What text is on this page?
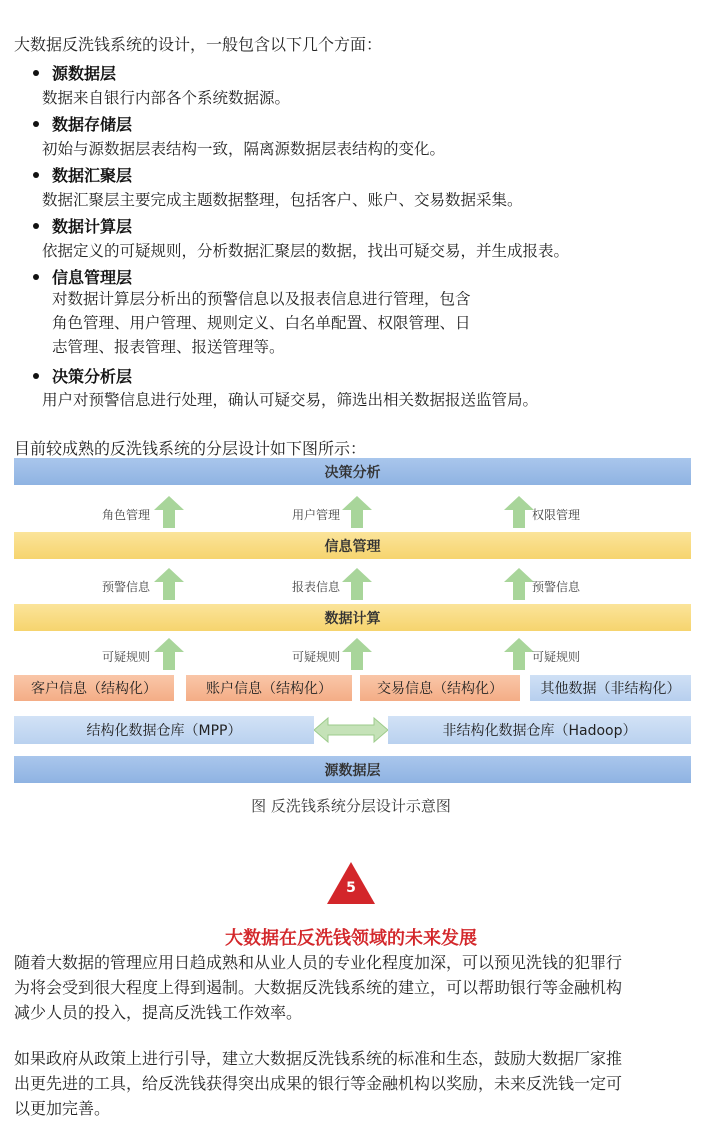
大数据反洗钱系统的设计，一般包含以下几个方面：
源数据层
数据来自银行内部各个系统数据源。
数据存储层
初始与源数据层表结构一致，隔离源数据层表结构的变化。
数据汇聚层
数据汇聚层主要完成主题数据整理，包括客户、账户、交易数据采集。
数据计算层
依据定义的可疑规则，分析数据汇聚层的数据，找出可疑交易，并生成报表。
信息管理层
对数据计算层分析出的预警信息以及报表信息进行管理，包含
角色管理、用户管理、规则定义、白名单配置、权限管理、日
志管理、报表管理、报送管理等。
决策分析层
用户对预警信息进行处理，确认可疑交易，筛选出相关数据报送监管局。
目前较成熟的反洗钱系统的分层设计如下图所示：
决策分析
角色管理	用户管理	权限管理
信息管理
预警信息	报表信息	预警信息
数据计算
可疑规则	可疑规则	可疑规则
客户信息（结构化）	账户信息（结构化）	交易信息（结构化）	其他数据（非结构化）
结构化数据仓库（MPP）	非结构化数据仓库（Hadoop）
源数据层
图 反洗钱系统分层设计示意图
5
大数据在反洗钱领域的未来发展
随着大数据的管理应用日趋成熟和从业人员的专业化程度加深，可以预见洗钱的犯罪行
为将会受到很大程度上得到遏制。大数据反洗钱系统的建立，可以帮助银行等金融机构
减少人员的投入，提高反洗钱工作效率。
如果政府从政策上进行引导，建立大数据反洗钱系统的标准和生态，鼓励大数据厂家推
出更先进的工具，给反洗钱获得突出成果的银行等金融机构以奖励，未来反洗钱一定可
以更加完善。
